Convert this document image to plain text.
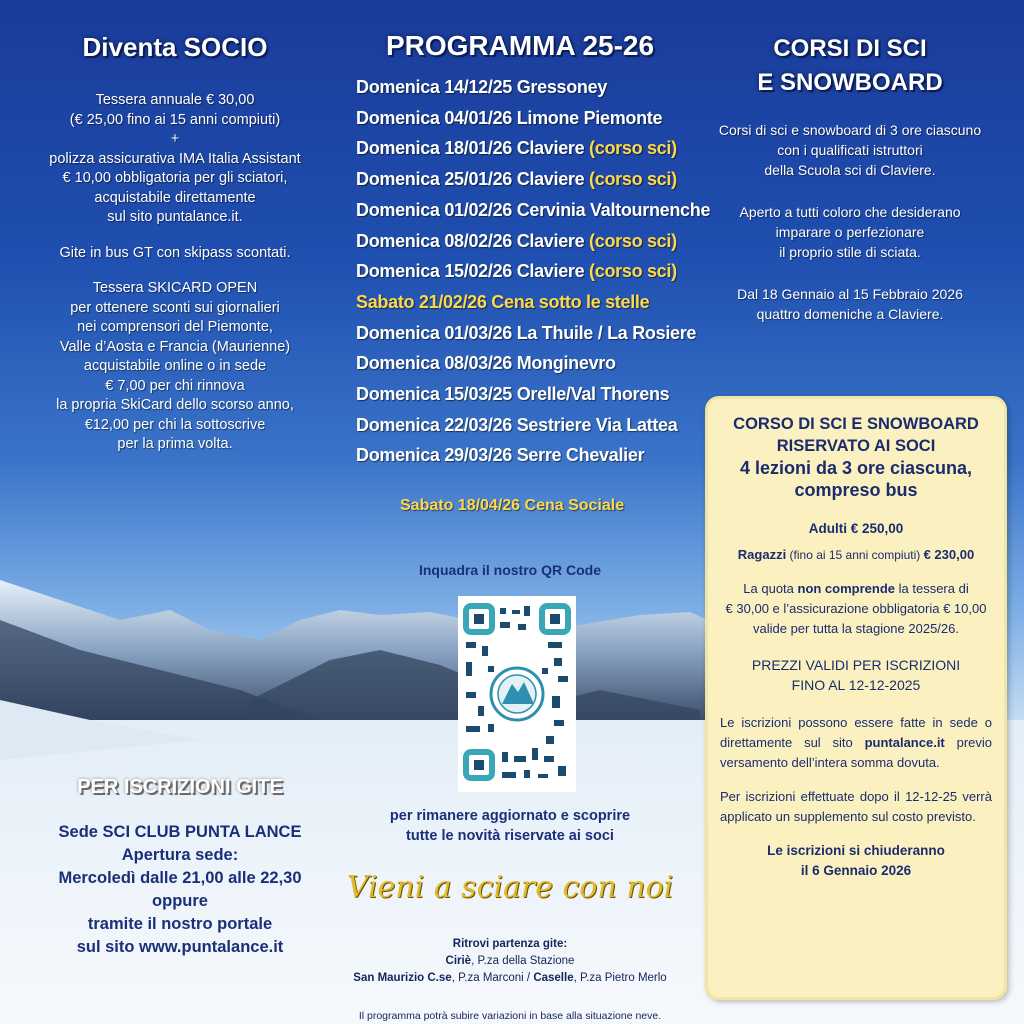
Diventa SOCIO
Tessera annuale € 30,00
(€ 25,00 fino ai 15 anni compiuti)
+
polizza assicurativa IMA Italia Assistant
€ 10,00 obbligatoria per gli sciatori,
acquistabile direttamente
sul sito puntalance.it.
Gite in bus GT con skipass scontati.
Tessera SKICARD OPEN
per ottenere sconti sui giornalieri
nei comprensori del Piemonte,
Valle d’Aosta e Francia (Maurienne)
acquistabile online o in sede
€ 7,00 per chi rinnova
la propria SkiCard dello scorso anno,
€12,00 per chi la sottoscrive
per la prima volta.
PROGRAMMA 25-26
Domenica 14/12/25 Gressoney
Domenica 04/01/26 Limone Piemonte
Domenica 18/01/26 Claviere (corso sci)
Domenica 25/01/26 Claviere (corso sci)
Domenica 01/02/26 Cervinia Valtournenche
Domenica 08/02/26 Claviere (corso sci)
Domenica 15/02/26 Claviere (corso sci)
Sabato 21/02/26 Cena sotto le stelle
Domenica 01/03/26 La Thuile / La Rosiere
Domenica 08/03/26 Monginevro
Domenica 15/03/25 Orelle/Val Thorens
Domenica 22/03/26 Sestriere Via Lattea
Domenica 29/03/26 Serre Chevalier
Sabato 18/04/26 Cena Sociale
Inquadra il nostro QR Code
per rimanere aggiornato e scoprire
tutte le novità riservate ai soci
Vieni a sciare con noi
Ritrovi partenza gite:
Ciriè, P.za della Stazione
San Maurizio C.se, P.za Marconi / Caselle, P.za Pietro Merlo
Il programma potrà subire variazioni in base alla situazione neve.
CORSI DI SCI
E SNOWBOARD
Corsi di sci e snowboard di 3 ore ciascuno
con i qualificati istruttori
della Scuola sci di Claviere.
Aperto a tutti coloro che desiderano
imparare o perfezionare
il proprio stile di sciata.
Dal 18 Gennaio al 15 Febbraio 2026
quattro domeniche a Claviere.
CORSO DI SCI E SNOWBOARD
RISERVATO AI SOCI
4 lezioni da 3 ore ciascuna,
compreso bus
Adulti € 250,00
Ragazzi (fino ai 15 anni compiuti) € 230,00
La quota non comprende la tessera di
€ 30,00 e l’assicurazione obbligatoria € 10,00
valide per tutta la stagione 2025/26.
PREZZI VALIDI PER ISCRIZIONI
FINO AL 12-12-2025
Le iscrizioni possono essere fatte in sede o direttamente sul sito puntalance.it previo versamento dell’intera somma dovuta.
Per iscrizioni effettuate dopo il 12-12-25 verrà applicato un supplemento sul costo previsto.
Le iscrizioni si chiuderanno
il 6 Gennaio 2026
PER ISCRIZIONI GITE
Sede SCI CLUB PUNTA LANCE
Apertura sede:
Mercoledì dalle 21,00 alle 22,30
oppure
tramite il nostro portale
sul sito www.puntalance.it
